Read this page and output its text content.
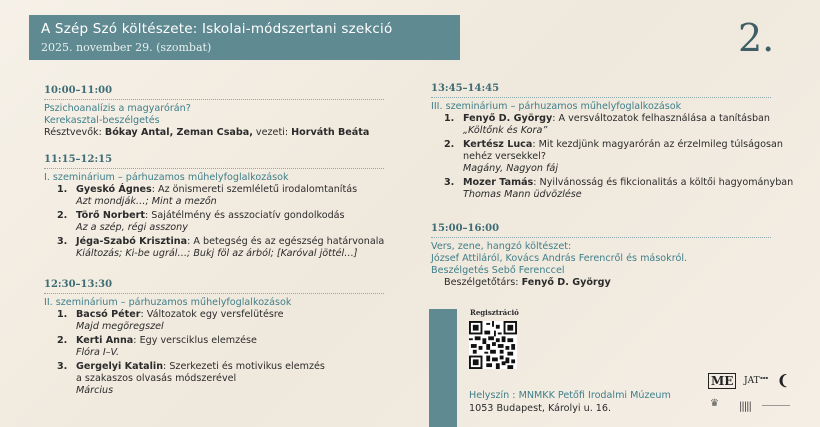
A Szép Szó költészete: Iskolai-módszertani szekció
2025. november 29. (szombat)	2.
10:00–11:00
Pszichoanalízis a magyarórán?
Kerekasztal-beszélgetés
Résztvevők: Bókay Antal, Zeman Csaba, vezeti: Horváth Beáta
11:15–12:15
I. szeminárium – párhuzamos műhelyfoglalkozások
1. Gyeskó Ágnes: Az önismereti szemléletű irodalomtanítás
Azt mondják…; Mint a mezőn
2. Törő Norbert: Sajátélmény és asszociatív gondolkodás
Az a szép, régi asszony
3. Jéga-Szabó Krisztina: A betegség és az egészség határvonala
Kiáltozás; Ki-be ugrál…; Bukj föl az árból; [Karóval jöttél…]
12:30–13:30
II. szeminárium – párhuzamos műhelyfoglalkozások
1. Bacsó Péter: Változatok egy versfelütésre
Majd megöregszel
2. Kerti Anna: Egy versciklus elemzése
Flóra I–V.
3. Gergelyi Katalin: Szerkezeti és motivikus elemzés
a szakaszos olvasás módszerével
Március
13:45–14:45
III. szeminárium – párhuzamos műhelyfoglalkozások
1. Fenyő D. György: A versváltozatok felhasználása a tanításban
„Költőnk és Kora”
2. Kertész Luca: Mit kezdjünk magyarórán az érzelmileg túlságosan
nehéz versekkel?
Magány, Nagyon fáj
3. Mozer Tamás: Nyilvánosság és fikcionalitás a költői hagyományban
Thomas Mann üdvözlése
15:00–16:00
Vers, zene, hangzó költészet:
József Attiláról, Kovács András Ferencről és másokról.
Beszélgetés Sebő Ferenccel
Beszélgetőtárs: Fenyő D. György
Regisztráció
Helyszín : MNMKK Petőfi Irodalmi Múzeum
1053 Budapest, Károlyi u. 16.
ME	JAT ▪▪▪ ❨
♛ |||||
